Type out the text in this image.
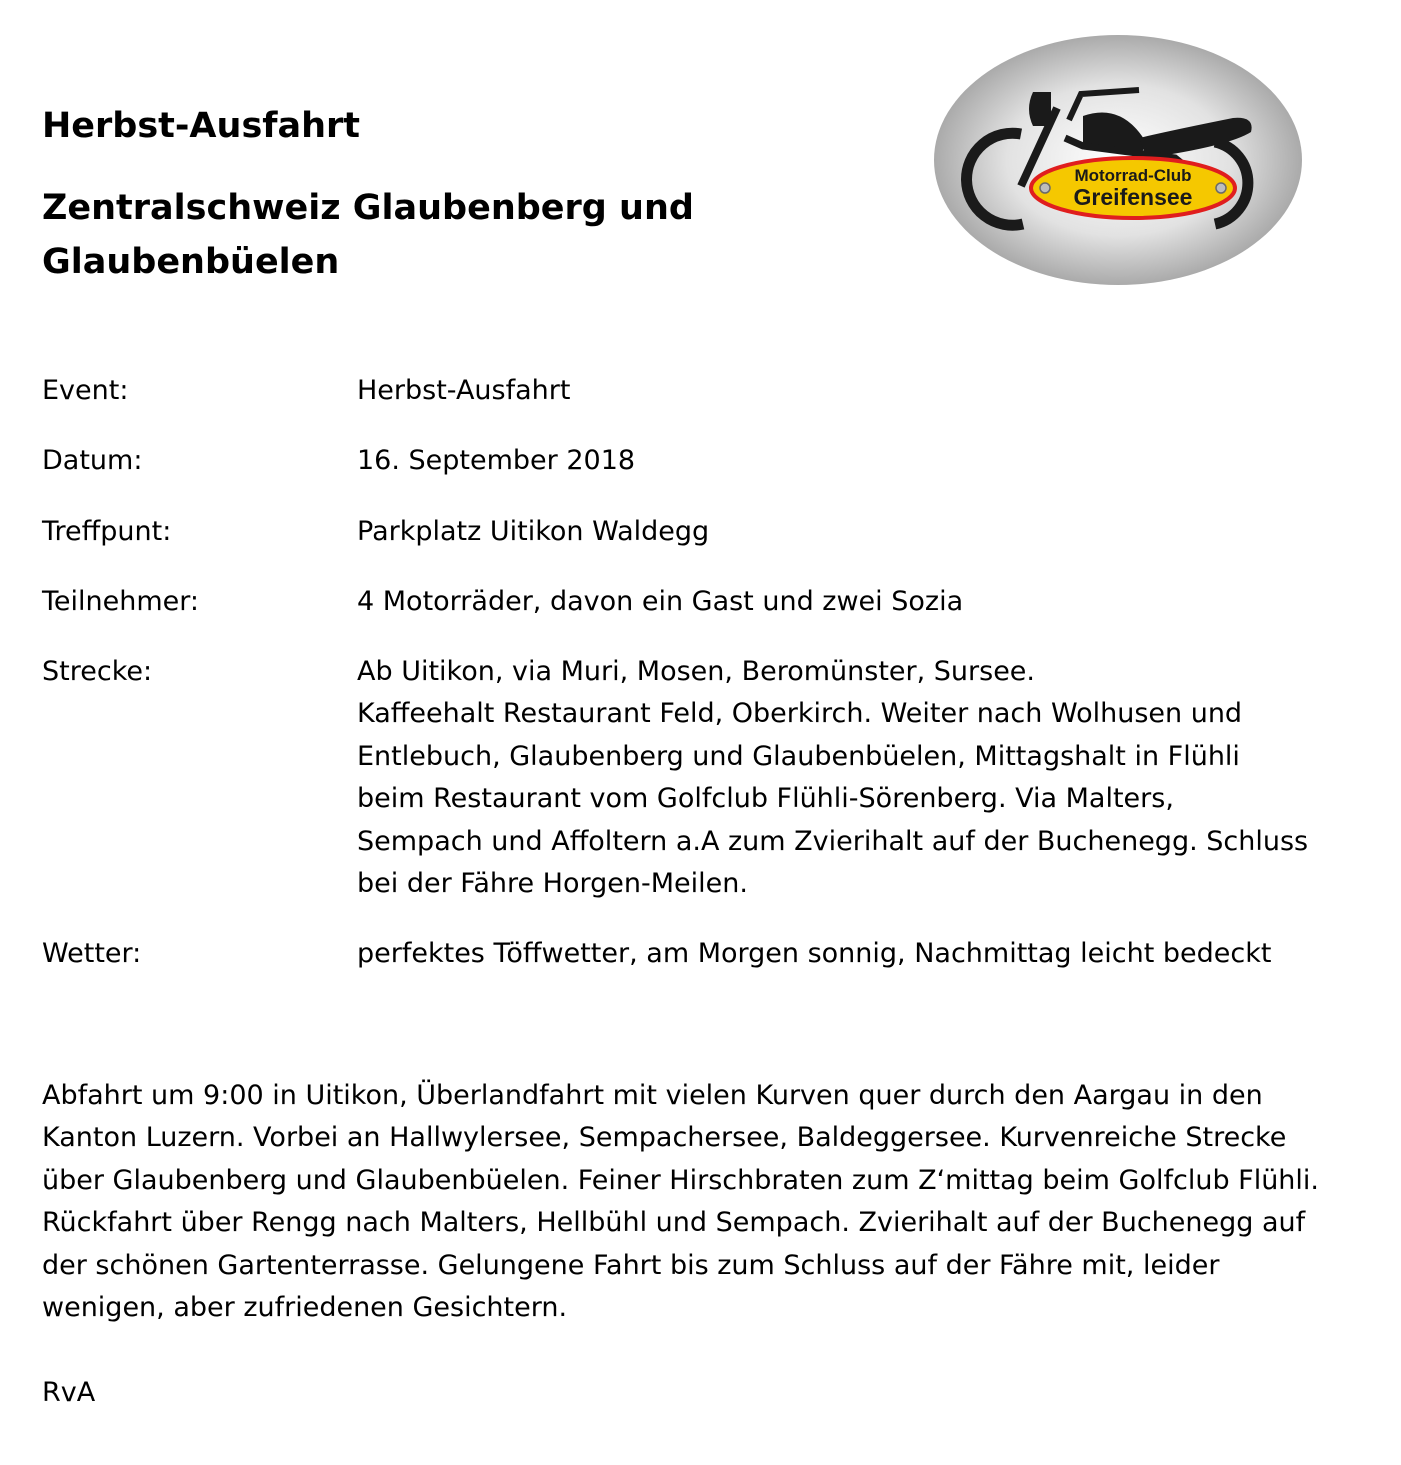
Herbst-Ausfahrt
Zentralschweiz Glaubenberg und Glaubenbüelen
Motorrad-Club
Greifensee
Event:	Herbst-Ausfahrt
Datum:	16. September 2018
Treffpunt:	Parkplatz Uitikon Waldegg
Teilnehmer:	4 Motorräder, davon ein Gast und zwei Sozia
Strecke:	Ab Uitikon, via Muri, Mosen, Beromünster, Sursee.
Kaffeehalt Restaurant Feld, Oberkirch. Weiter nach Wolhusen und
Entlebuch, Glaubenberg und Glaubenbüelen, Mittagshalt in Flühli
beim Restaurant vom Golfclub Flühli-Sörenberg. Via Malters,
Sempach und Affoltern a.A zum Zvierihalt auf der Buchenegg. Schluss
bei der Fähre Horgen-Meilen.
Wetter:	perfektes Töffwetter, am Morgen sonnig, Nachmittag leicht bedeckt

Abfahrt um 9:00 in Uitikon, Überlandfahrt mit vielen Kurven quer durch den Aargau in den Kanton Luzern. Vorbei an Hallwylersee, Sempachersee, Baldeggersee. Kurvenreiche Strecke über Glaubenberg und Glaubenbüelen. Feiner Hirschbraten zum Z‘mittag beim Golfclub Flühli. Rückfahrt über Rengg nach Malters, Hellbühl und Sempach. Zvierihalt auf der Buchenegg auf der schönen Gartenterrasse. Gelungene Fahrt bis zum Schluss auf der Fähre mit, leider wenigen, aber zufriedenen Gesichtern.

RvA
